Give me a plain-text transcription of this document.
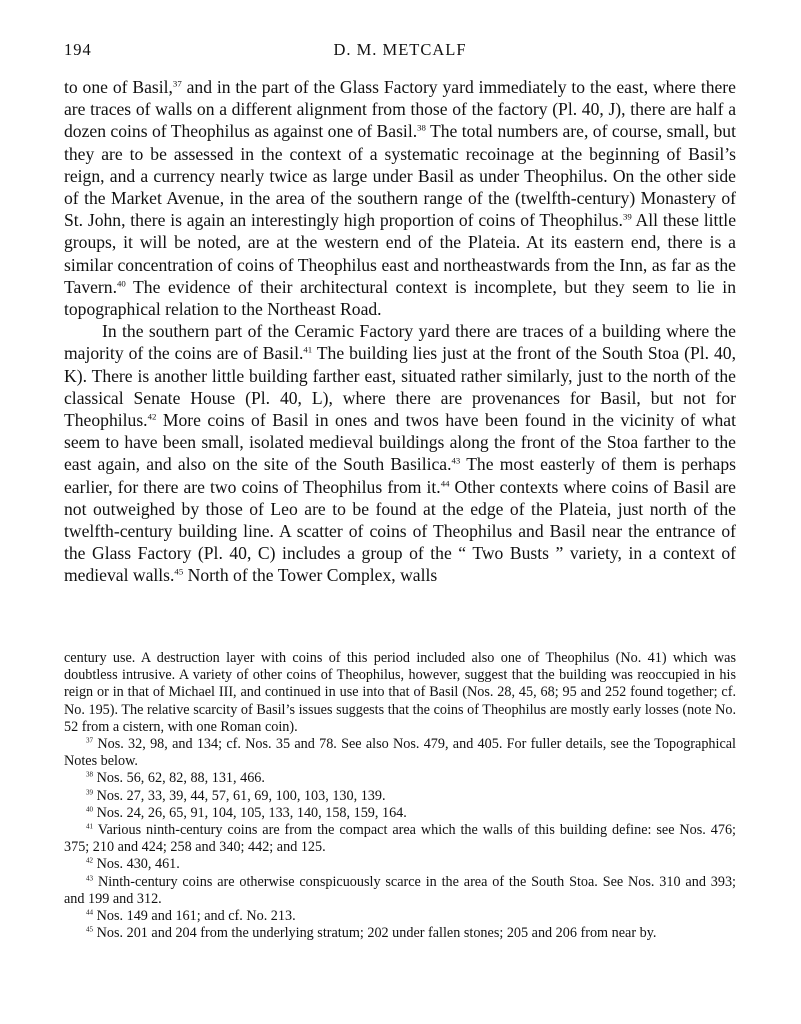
194	D. M. METCALF

to one of Basil,$^{37}$ and in the part of the Glass Factory yard immediately to the east, where there are traces of walls on a different alignment from those of the factory (Pl. 40, J), there are half a dozen coins of Theophilus as against one of Basil.$^{38}$ The total numbers are, of course, small, but they are to be assessed in the context of a systematic recoinage at the beginning of Basil’s reign, and a currency nearly twice as large under Basil as under Theophilus. On the other side of the Market Avenue, in the area of the southern range of the (twelfth-century) Monastery of St. John, there is again an interestingly high proportion of coins of Theophilus.$^{39}$ All these little groups, it will be noted, are at the western end of the Plateia. At its eastern end, there is a similar concentration of coins of Theophilus east and northeastwards from the Inn, as far as the Tavern.$^{40}$ The evidence of their architectural context is incomplete, but they seem to lie in topographical relation to the Northeast Road.

In the southern part of the Ceramic Factory yard there are traces of a building where the majority of the coins are of Basil.$^{41}$ The building lies just at the front of the South Stoa (Pl. 40, K). There is another little building farther east, situated rather similarly, just to the north of the classical Senate House (Pl. 40, L), where there are provenances for Basil, but not for Theophilus.$^{42}$ More coins of Basil in ones and twos have been found in the vicinity of what seem to have been small, isolated medieval buildings along the front of the Stoa farther to the east again, and also on the site of the South Basilica.$^{43}$ The most easterly of them is perhaps earlier, for there are two coins of Theophilus from it.$^{44}$ Other contexts where coins of Basil are not outweighed by those of Leo are to be found at the edge of the Plateia, just north of the twelfth-century building line. A scatter of coins of Theophilus and Basil near the entrance of the Glass Factory (Pl. 40, C) includes a group of the “ Two Busts ” variety, in a context of medieval walls.$^{45}$ North of the Tower Complex, walls

century use. A destruction layer with coins of this period included also one of Theophilus (No. 41) which was doubtless intrusive. A variety of other coins of Theophilus, however, suggest that the building was reoccupied in his reign or in that of Michael III, and continued in use into that of Basil (Nos. 28, 45, 68; 95 and 252 found together; cf. No. 195). The relative scarcity of Basil’s issues suggests that the coins of Theophilus are mostly early losses (note No. 52 from a cistern, with one Roman coin).

$^{37}$ Nos. 32, 98, and 134; cf. Nos. 35 and 78. See also Nos. 479, and 405. For fuller details, see the Topographical Notes below.

$^{38}$ Nos. 56, 62, 82, 88, 131, 466.

$^{39}$ Nos. 27, 33, 39, 44, 57, 61, 69, 100, 103, 130, 139.

$^{40}$ Nos. 24, 26, 65, 91, 104, 105, 133, 140, 158, 159, 164.

$^{41}$ Various ninth-century coins are from the compact area which the walls of this building define: see Nos. 476; 375; 210 and 424; 258 and 340; 442; and 125.

$^{42}$ Nos. 430, 461.

$^{43}$ Ninth-century coins are otherwise conspicuously scarce in the area of the South Stoa. See Nos. 310 and 393; and 199 and 312.

$^{44}$ Nos. 149 and 161; and cf. No. 213.

$^{45}$ Nos. 201 and 204 from the underlying stratum; 202 under fallen stones; 205 and 206 from near by.
